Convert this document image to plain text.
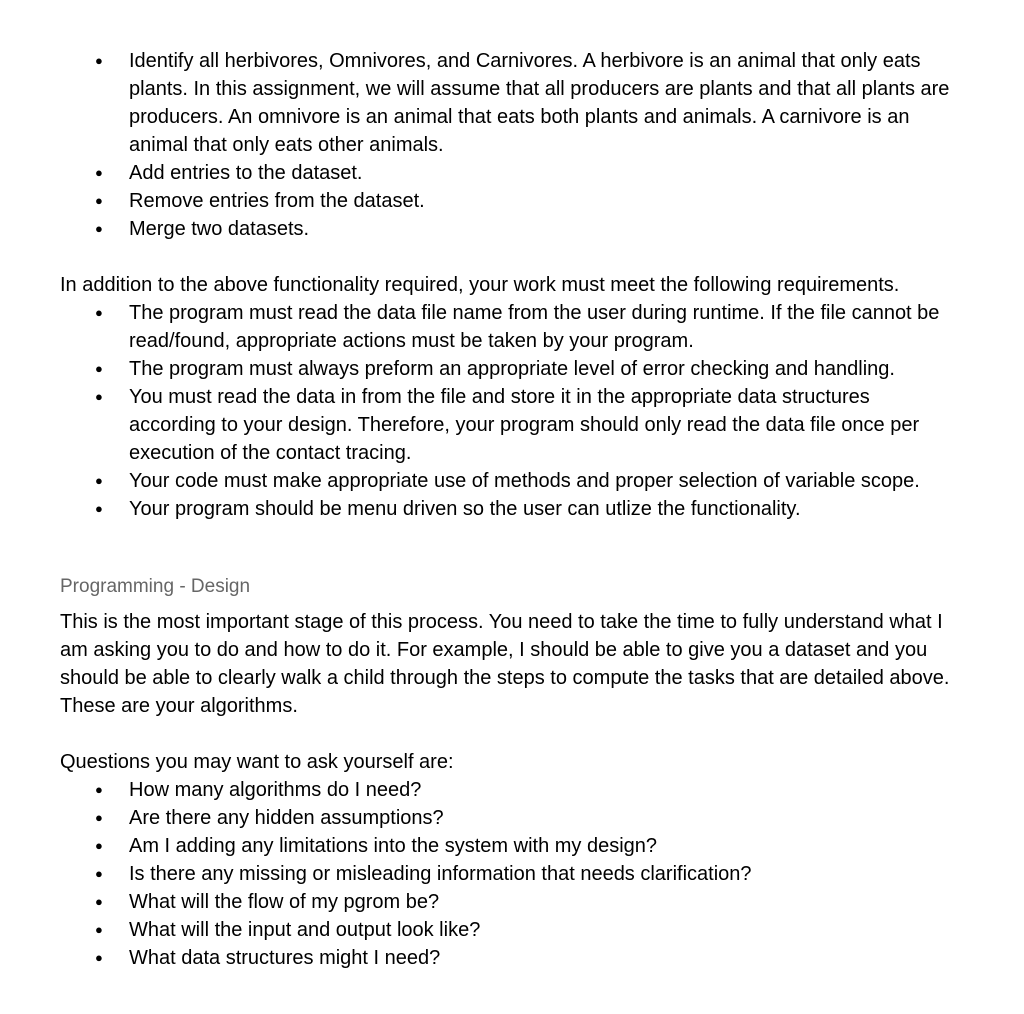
● Identify all herbivores, Omnivores, and Carnivores. A herbivore is an animal that only eats plants. In this assignment, we will assume that all producers are plants and that all plants are producers. An omnivore is an animal that eats both plants and animals. A carnivore is an animal that only eats other animals.
● Add entries to the dataset.
● Remove entries from the dataset.
● Merge two datasets.

In addition to the above functionality required, your work must meet the following requirements.

● The program must read the data file name from the user during runtime. If the file cannot be read/found, appropriate actions must be taken by your program.
● The program must always preform an appropriate level of error checking and handling.
● You must read the data in from the file and store it in the appropriate data structures according to your design. Therefore, your program should only read the data file once per execution of the contact tracing.
● Your code must make appropriate use of methods and proper selection of variable scope.
● Your program should be menu driven so the user can utlize the functionality.

Programming - Design

This is the most important stage of this process. You need to take the time to fully understand what I am asking you to do and how to do it. For example, I should be able to give you a dataset and you should be able to clearly walk a child through the steps to compute the tasks that are detailed above. These are your algorithms.

Questions you may want to ask yourself are:

● How many algorithms do I need?
● Are there any hidden assumptions?
● Am I adding any limitations into the system with my design?
● Is there any missing or misleading information that needs clarification?
● What will the flow of my pgrom be?
● What will the input and output look like?
● What data structures might I need?
